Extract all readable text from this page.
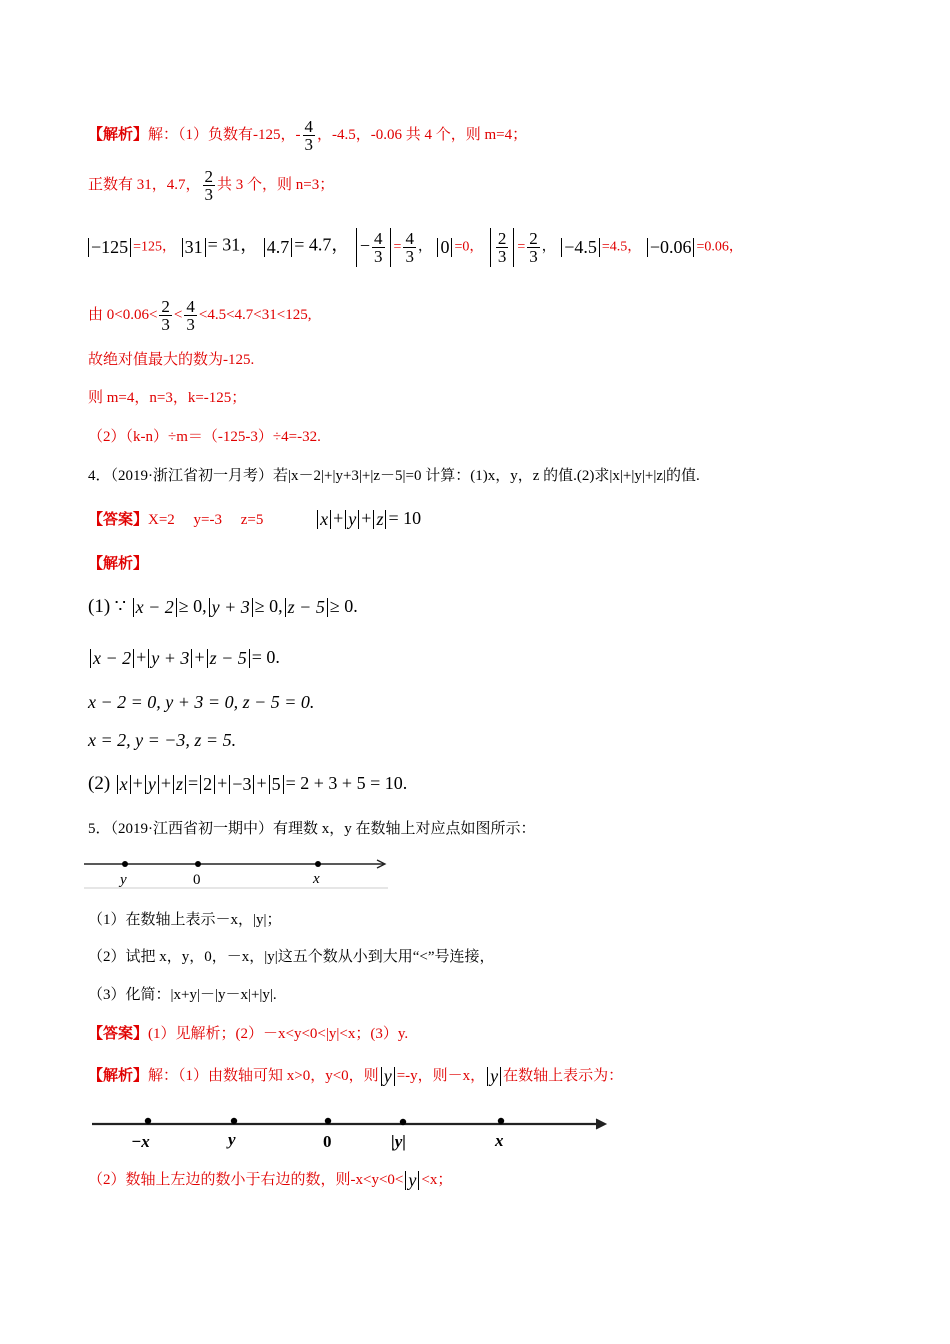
【解析】解：（1）负数有-125，- $\frac{4}{3}$ ，-4.5，-0.06 共 4 个，则 m=4；
正数有 31，4.7， $\frac{2}{3}$ 共 3 个，则 n=3；
−125 =125， 31 = 31， 4.7 = 4.7， − $\frac{4}{3} = \frac{4}{3}$ ， 0 =0， $\frac{2}{3} = \frac{2}{3}$ ， −4.5 =4.5， −0.06 =0.06，
由 $0<0.06< \frac{2}{3} < \frac{4}{3} <4.5<4.7<31<125$,
故绝对值最大的数为-125.
则 m=4，n=3，k=-125；
（2）（k-n）÷m＝（-125-3）÷4=-32.
4．（2019·浙江省初一月考）若|x－2|+|y+3|+|z－5|=0 计算：(1)x，y，z 的值.(2)求|x|+|y|+|z|的值.
【答案】X=2     y=-3     z=5	x + y + z = 10
【解析】
(1) ∵ x − 2 ≥ 0, y + 3 ≥ 0, z − 5 ≥ 0.
x − 2 + y + 3 + z − 5 = 0.
x − 2 = 0, y + 3 = 0, z − 5 = 0.
x = 2, y = −3, z = 5.
(2) x + y + z = 2 + −3 + 5 = 2 + 3 + 5 = 10.
5．（2019·江西省初一期中）有理数 x，y 在数轴上对应点如图所示：
y	0	x
（1）在数轴上表示－x，|y|；
（2）试把 x，y，0，－x，|y|这五个数从小到大用“<”号连接，
（3）化简：|x+y|－|y－x|+|y|.
【答案】(1）见解析；(2）－x<y<0<|y|<x；(3）y.
【解析】解：（1）由数轴可知 x>0，y<0，则 y =-y，则－x， y 在数轴上表示为：
−x	y	0	|y|	x
（2）数轴上左边的数小于右边的数，则-x<y<0< y <x；
